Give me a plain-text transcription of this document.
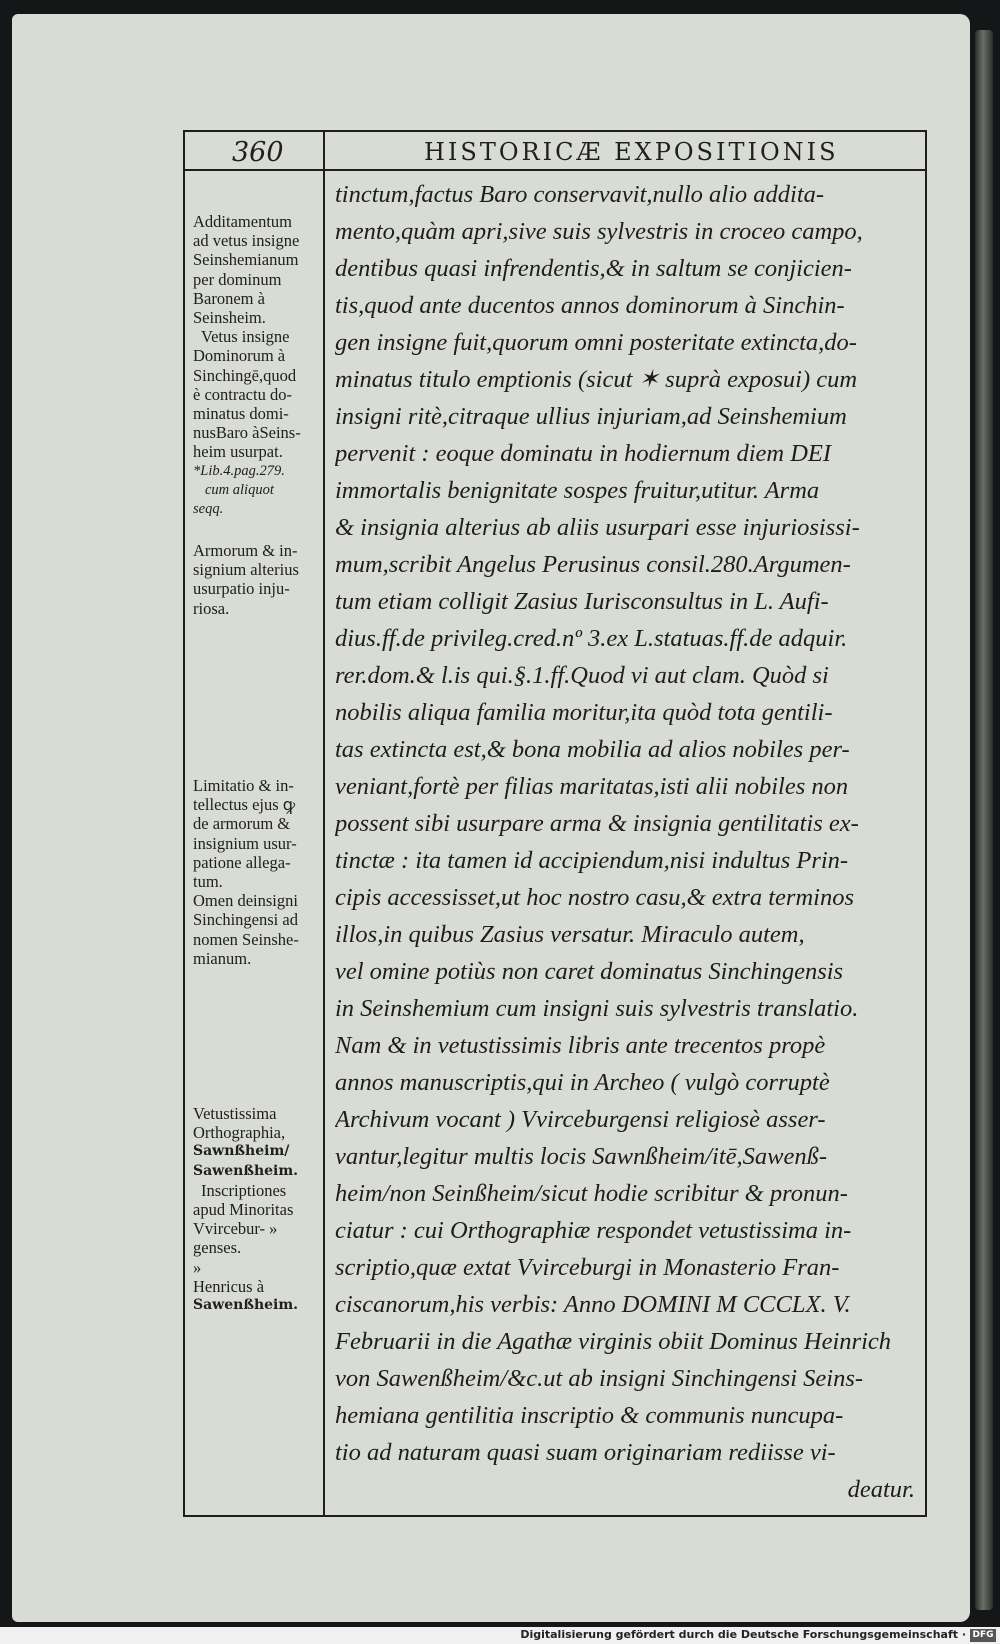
360	HISTORICÆ EXPOSITIONIS
Additamentum
ad vetus insigne
Seinshemianum
per dominum
Baronem à
Seinsheim.
Vetus insigne
Dominorum à
Sinchingē,quod
è contractu do-
minatus domi-
nusBaro àSeins-
heim usurpat.
*Lib.4.pag.279.
cum aliquot
seqq.
Armorum & in-
signium alterius
usurpatio inju-
riosa.
Limitatio & in-
tellectus ejus ꝙ
de armorum &
insignium usur-
patione allega-
tum.
Omen deinsigni
Sinchingensi ad
nomen Seinshe-
mianum.
Vetustissima
Orthographia,
Sawnßheim/
Sawenßheim.
Inscriptiones
apud Minoritas
Vvircebur- »
genses.
»
Henricus à
Sawenßheim.
tinctum,factus Baro conservavit,nullo alio addita-
mento,quàm apri,sive suis sylvestris in croceo campo,
dentibus quasi infrendentis,& in saltum se conjicien-
tis,quod ante ducentos annos dominorum à Sinchin-
gen insigne fuit,quorum omni posteritate extincta,do-
minatus titulo emptionis (sicut ✶ suprà exposui) cum
insigni ritè,citraque ullius injuriam,ad Seinshemium
pervenit : eoque dominatu in hodiernum diem DEI
immortalis benignitate sospes fruitur,utitur. Arma
& insignia alterius ab aliis usurpari esse injuriosissi-
mum,scribit Angelus Perusinus consil.280.Argumen-
tum etiam colligit Zasius Iurisconsultus in L. Aufi-
dius.ff.de privileg.cred.nº 3.ex L.statuas.ff.de adquir.
rer.dom.& l.is qui.§.1.ff.Quod vi aut clam. Quòd si
nobilis aliqua familia moritur,ita quòd tota gentili-
tas extincta est,& bona mobilia ad alios nobiles per-
veniant,fortè per filias maritatas,isti alii nobiles non
possent sibi usurpare arma & insignia gentilitatis ex-
tinctæ : ita tamen id accipiendum,nisi indultus Prin-
cipis accessisset,ut hoc nostro casu,& extra terminos
illos,in quibus Zasius versatur. Miraculo autem,
vel omine potiùs non caret dominatus Sinchingensis
in Seinshemium cum insigni suis sylvestris translatio.
Nam & in vetustissimis libris ante trecentos propè
annos manuscriptis,qui in Archeo ( vulgò corruptè
Archivum vocant ) Vvirceburgensi religiosè asser-
vantur,legitur multis locis Sawnßheim/itē,Sawenß-
heim/non Seinßheim/sicut hodie scribitur & pronun-
ciatur : cui Orthographiæ respondet vetustissima in-
scriptio,quæ extat Vvirceburgi in Monasterio Fran-
ciscanorum,his verbis: Anno DOMINI M CCCLX. V.
Februarii in die Agathæ virginis obiit Dominus Heinrich
von Sawenßheim/&c.ut ab insigni Sinchingensi Seins-
hemiana gentilitia inscriptio & communis nuncupa-
tio ad naturam quasi suam originariam rediisse vi-
deatur.
Digitalisierung gefördert durch die Deutsche Forschungsgemeinschaft · DFG
